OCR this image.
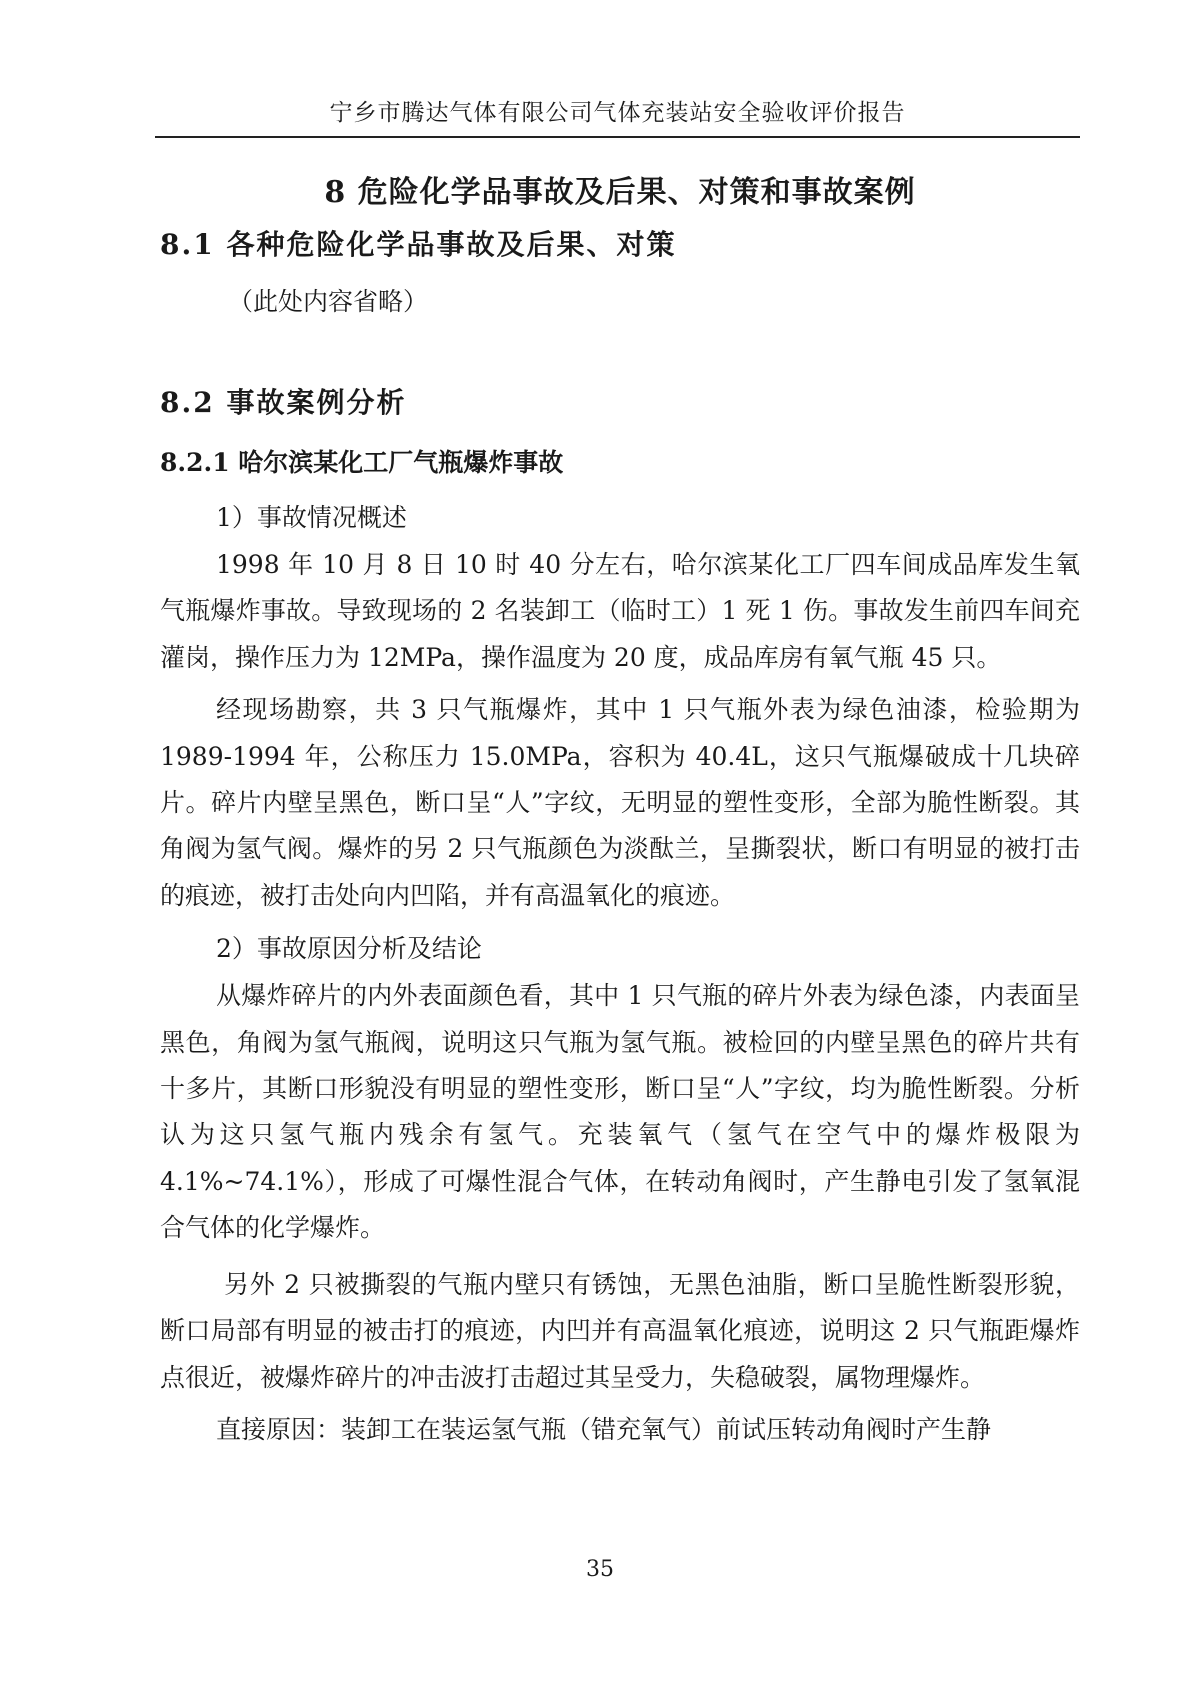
宁乡市腾达气体有限公司气体充装站安全验收评价报告
8 危险化学品事故及后果、对策和事故案例
8.1 各种危险化学品事故及后果、对策

（此处内容省略）

8.2 事故案例分析
8.2.1 哈尔滨某化工厂气瓶爆炸事故

1）事故情况概述

1998 年 10 月 8 日 10 时 40 分左右，哈尔滨某化工厂四车间成品库发生氧气瓶爆炸事故。导致现场的 2 名装卸工（临时工）1 死 1 伤。事故发生前四车间充灌岗，操作压力为 12MPa，操作温度为 20 度，成品库房有氧气瓶 45 只。

经现场勘察，共 3 只气瓶爆炸，其中 1 只气瓶外表为绿色油漆，检验期为 1989-1994 年，公称压力 15.0MPa，容积为 40.4L，这只气瓶爆破成十几块碎片。碎片内壁呈黑色，断口呈“人”字纹，无明显的塑性变形，全部为脆性断裂。其角阀为氢气阀。爆炸的另 2 只气瓶颜色为淡酞兰，呈撕裂状，断口有明显的被打击的痕迹，被打击处向内凹陷，并有高温氧化的痕迹。

2）事故原因分析及结论

从爆炸碎片的内外表面颜色看，其中 1 只气瓶的碎片外表为绿色漆，内表面呈黑色，角阀为氢气瓶阀，说明这只气瓶为氢气瓶。被检回的内壁呈黑色的碎片共有十多片，其断口形貌没有明显的塑性变形，断口呈“人”字纹，均为脆性断裂。分析认为这只氢气瓶内残余有氢气。充装氧气（氢气在空气中的爆炸极限为 4.1%~74.1%），形成了可爆性混合气体，在转动角阀时，产生静电引发了氢氧混合气体的化学爆炸。

另外 2 只被撕裂的气瓶内壁只有锈蚀，无黑色油脂，断口呈脆性断裂形貌，断口局部有明显的被击打的痕迹，内凹并有高温氧化痕迹，说明这 2 只气瓶距爆炸点很近，被爆炸碎片的冲击波打击超过其呈受力，失稳破裂，属物理爆炸。

直接原因：装卸工在装运氢气瓶（错充氧气）前试压转动角阀时产生静

35
